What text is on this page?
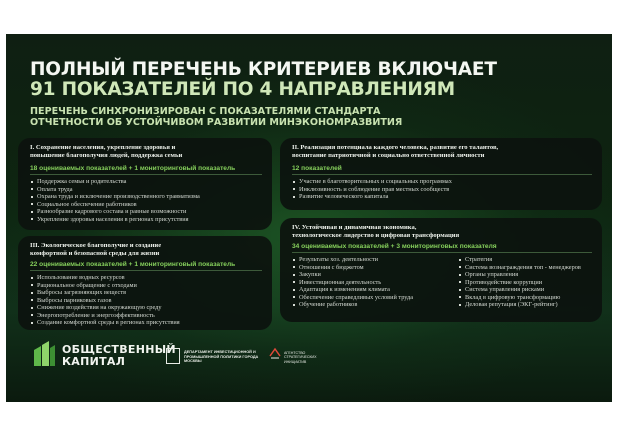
ПОЛНЫЙ ПЕРЕЧЕНЬ КРИТЕРИЕВ ВКЛЮЧАЕТ
91 ПОКАЗАТЕЛЕЙ ПО 4 НАПРАВЛЕНИЯМ
ПЕРЕЧЕНЬ СИНХРОНИЗИРОВАН С ПОКАЗАТЕЛЯМИ СТАНДАРТА
ОТЧЕТНОСТИ ОБ УСТОЙЧИВОМ РАЗВИТИИ МИНЭКОНОМРАЗВИТИЯ
I. Сохранение населения, укрепление здоровья и
повышение благополучия людей, поддержка семьи
18 оцениваемых показателей + 1 мониторинговый показатель
Поддержка семьи и родительства
Оплата труда
Охрана труда и исключение производственного травматизма
Социальное обеспечение работников
Разнообразие кадрового состава и равные возможности
Укрепление здоровья населения в регионах присутствия
II. Реализация потенциала каждого человека, развитие его талантов,
воспитание патриотичной и социально ответственной личности
12 показателей
Участие в благотворительных и социальных программах
Инклюзивность и соблюдение прав местных сообществ
Развитие человеческого капитала
III. Экологическое благополучие и создание
комфортной и безопасной среды для жизни
22 оцениваемых показателей + 1 мониторинговый показатель
Использование водных ресурсов
Рациональное обращение с отходами
Выбросы загрязняющих веществ
Выбросы парниковых газов
Снижение воздействия на окружающую среду
Энергопотребление и энергоэффективность
Создание комфортной среды в регионах присутствия
IV. Устойчивая и динамичная экономика,
технологическое лидерство и цифровая трансформация
34 оцениваемых показателей + 3 мониторинговых показателя
Результаты хоз. деятельности
Отношения с бюджетом
Закупки
Инвестиционная деятельность
Адаптация к изменениям климата
Обеспечение справедливых условий труда
Обучение работников
Стратегия
Система вознаграждения топ - менеджеров
Органы управления
Противодействие коррупции
Система управления рисками
Вклад в цифровую трансформацию
Деловая репутация (ЭКГ-рейтинг)
ОБЩЕСТВЕННЫЙ
КАПИТАЛ
ДЕПАРТАМЕНТ ИНВЕСТИЦИОННОЙ И ПРОМЫШЛЕННОЙ ПОЛИТИКИ ГОРОДА МОСКВЫ
АГЕНТСТВО СТРАТЕГИЧЕСКИХ ИНИЦИАТИВ
